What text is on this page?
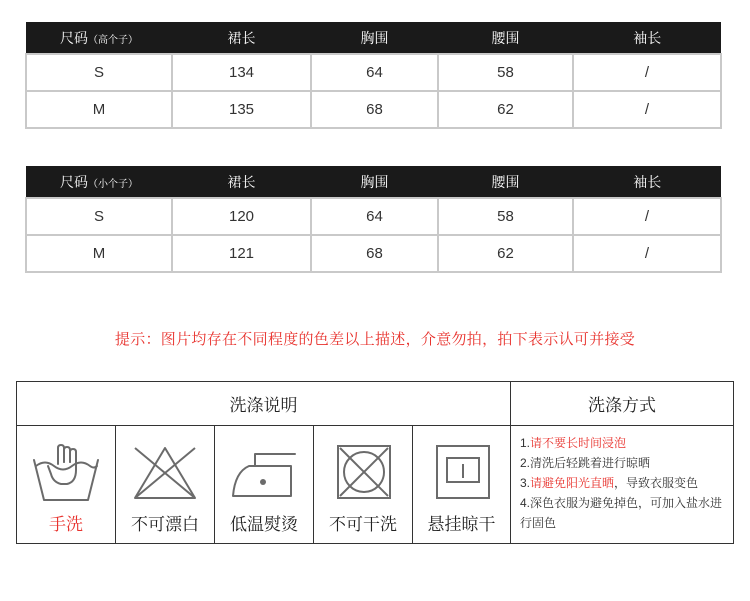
尺码（高个子）	裙长	胸围	腰围	袖长
S	134	64	58	/
M	135	68	62	/
尺码（小个子）	裙长	胸围	腰围	袖长
S	120	64	58	/
M	121	68	62	/
提示：图片均存在不同程度的色差以上描述，介意勿拍，拍下表示认可并接受
洗涤说明	洗涤方式
手洗	不可漂白	低温熨烫	不可干洗	悬挂晾干
1.请不要长时间浸泡
2.清洗后轻跳着进行晾晒
3.请避免阳光直晒，导致衣服变色
4.深色衣服为避免掉色，可加入盐水进行固色
